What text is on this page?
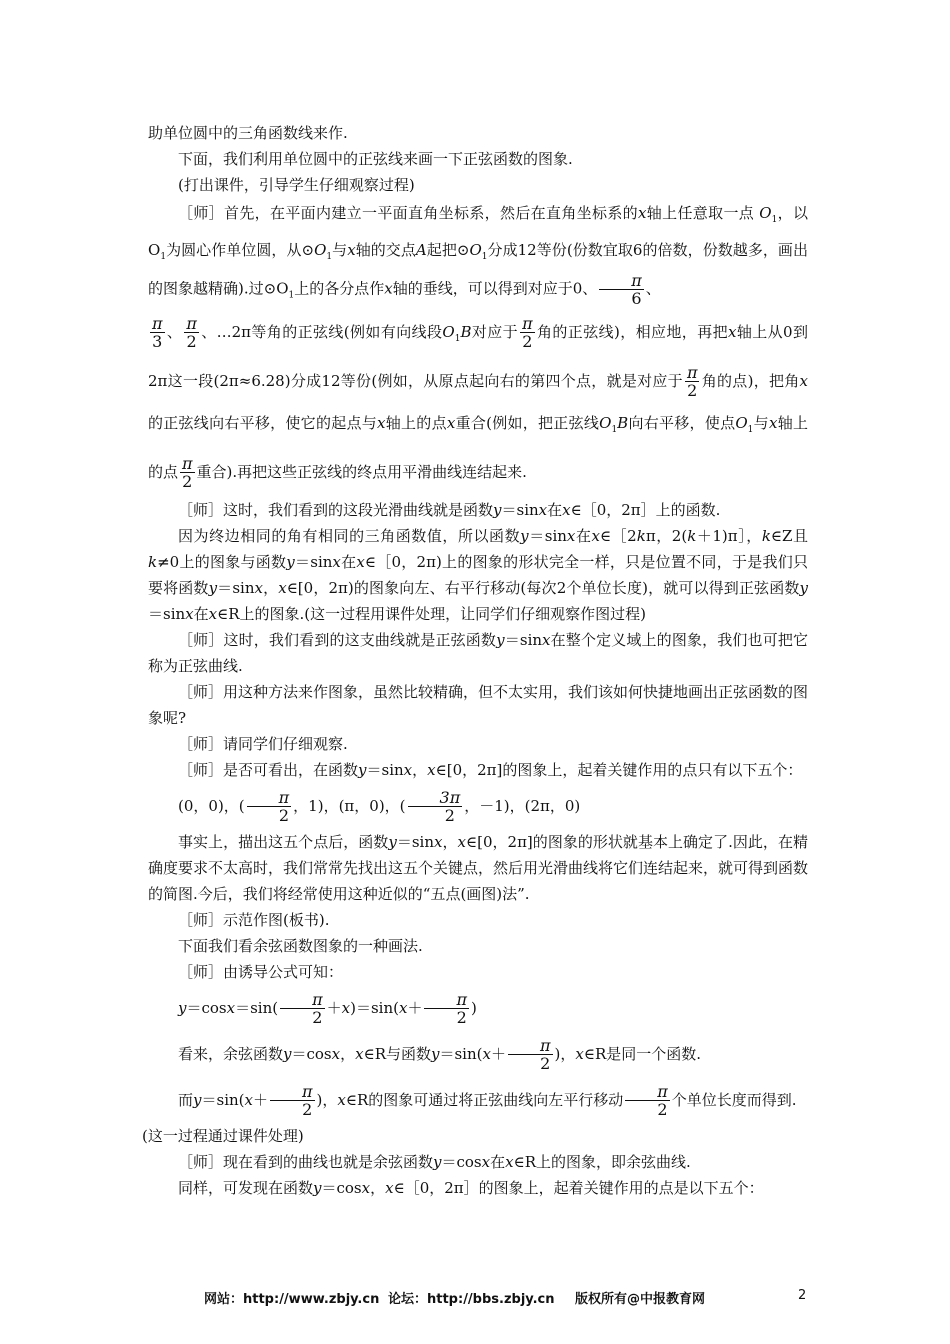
助单位圆中的三角函数线来作.

下面，我们利用单位圆中的正弦线来画一下正弦函数的图象.

(打出课件，引导学生仔细观察过程)

［师］首先，在平面内建立一平面直角坐标系，然后在直角坐标系的x轴上任意取一点 $O_1$，以$O_1$为圆心作单位圆，从$⊙O_1$与x轴的交点A起把$⊙O_1$分成12等份(份数宜取6的倍数，份数越多，画出的图象越精确).过$⊙O_1$上的各分点作x轴的垂线，可以得到对应于0、 $\frac{\pi}{6}$ 、

$\frac{\pi}{3}$ 、 $\frac{\pi}{2}$ 、…2π等角的正弦线(例如有向线段$O_1B$对应于 $\frac{\pi}{2}$ 角的正弦线)，相应地，再把x轴上从0到2π这一段(2π≈6.28)分成12等份(例如，从原点起向右的第四个点，就是对应于 $\frac{\pi}{2}$ 角的点)，把角x的正弦线向右平移，使它的起点与x轴上的点x重合(例如，把正弦线$O_1B$向右平移，使点$O_1$与x轴上的点 $\frac{\pi}{2}$ 重合).再把这些正弦线的终点用平滑曲线连结起来.

［师］这时，我们看到的这段光滑曲线就是函数y＝sinx在x∈［0，2π］上的函数.

因为终边相同的角有相同的三角函数值，所以函数y＝sinx在x∈［2kπ，2(k＋1)π］，k∈Z且k≠0上的图象与函数y＝sinx在x∈［0，2π)上的图象的形状完全一样，只是位置不同，于是我们只要将函数y＝sinx，x∈[0，2π)的图象向左、右平行移动(每次2个单位长度)，就可以得到正弦函数y＝sinx在x∈R上的图象.(这一过程用课件处理，让同学们仔细观察作图过程)

［师］这时，我们看到的这支曲线就是正弦函数y＝sinx在整个定义域上的图象，我们也可把它称为正弦曲线.

［师］用这种方法来作图象，虽然比较精确，但不太实用，我们该如何快捷地画出正弦函数的图象呢?

［师］请同学们仔细观察.

［师］是否可看出，在函数y＝sinx，x∈[0，2π]的图象上，起着关键作用的点只有以下五个：

(0，0)，( $\frac{\pi}{2}$ ，1)，(π，0)，( $\frac{3\pi}{2}$ ，－1)，(2π，0)

事实上，描出这五个点后，函数y＝sinx，x∈[0，2π]的图象的形状就基本上确定了.因此，在精确度要求不太高时，我们常常先找出这五个关键点，然后用光滑曲线将它们连结起来，就可得到函数的简图.今后，我们将经常使用这种近似的“五点(画图)法”.

［师］示范作图(板书).

下面我们看余弦函数图象的一种画法.

［师］由诱导公式可知：

$y=\cos x=\sin( \frac{\pi}{2} +x)=\sin(x+ \frac{\pi}{2}$ )

看来，余弦函数y＝cosx，x∈R与函数$y=\sin(x+ \frac{\pi}{2}$ )，x∈R是同一个函数.

而$y=\sin(x+ \frac{\pi}{2}$ )，x∈R的图象可通过将正弦曲线向左平行移动 $\frac{\pi}{2}$ 个单位长度而得到.

(这一过程通过课件处理)

［师］现在看到的曲线也就是余弦函数y＝cosx在x∈R上的图象，即余弦曲线.

同样，可发现在函数y＝cosx，x∈［0，2π］的图象上，起着关键作用的点是以下五个：

网站：http://www.zbjy.cn 论坛：http://bbs.zbjy.cn 版权所有@中报教育网	2
